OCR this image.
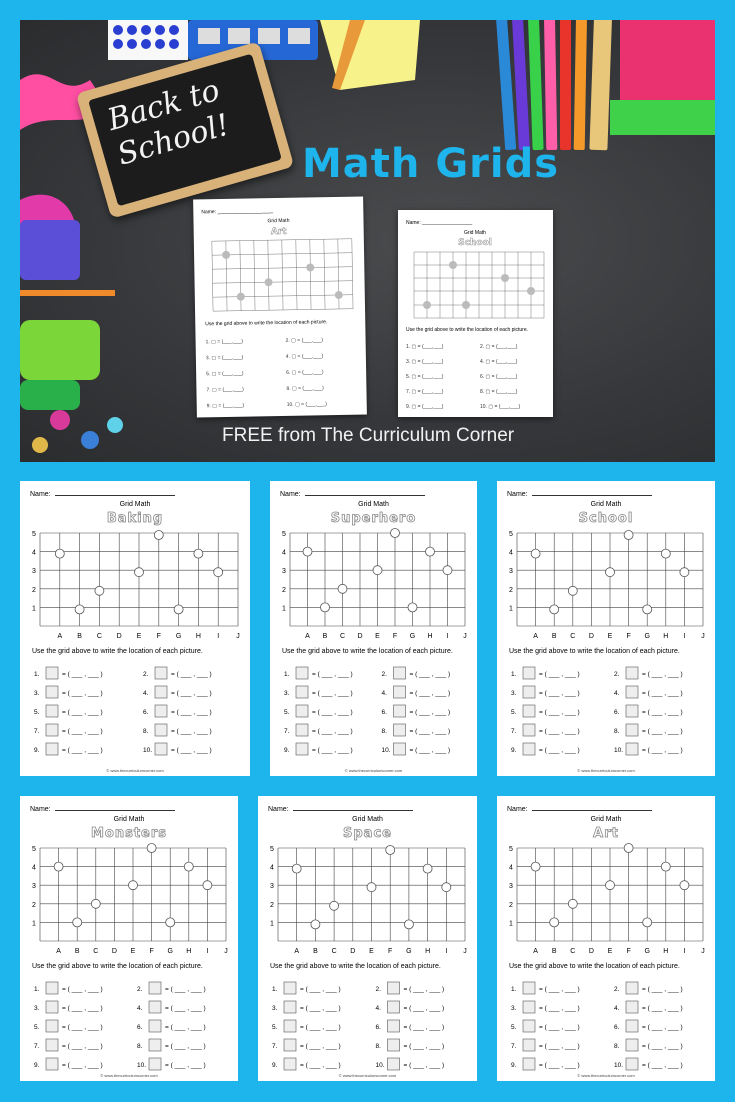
Back to School!	Math Grids
Name: ____________________
Grid Math
Art
Use the grid above to write the location of each picture.
1. ▢ = (___,___)	2. ▢ = (___,___)
3. ▢ = (___,___)	4. ▢ = (___,___)
5. ▢ = (___,___)	6. ▢ = (___,___)
7. ▢ = (___,___)	8. ▢ = (___,___)
9. ▢ = (___,___)	10. ▢ = (___,___)
Name: __________________
Grid Math
School
Use the grid above to write the location of each picture.
1. ▢ = (___,___)	2. ▢ = (___,___)
3. ▢ = (___,___)	4. ▢ = (___,___)
5. ▢ = (___,___)	6. ▢ = (___,___)
7. ▢ = (___,___)	8. ▢ = (___,___)
9. ▢ = (___,___)	10. ▢ = (___,___)
FREE from The Curriculum Corner
Name:
Grid Math
Baking
A B C D E F G H I J
1
2
3
4
5
1.	= ( ___ , ___ )	2.	= ( ___ , ___ )
3.	= ( ___ , ___ )	4.	= ( ___ , ___ )
5.	= ( ___ , ___ )	6.	= ( ___ , ___ )
7.	= ( ___ , ___ )	8.	= ( ___ , ___ )
9.	= ( ___ , ___ )	10.	= ( ___ , ___ )
Use the grid above to write the location of each picture.
© www.thecurriculumcorner.com
Name:
Grid Math
Superhero
A B C D E F G H I J
1
2
3
4
5
1.	= ( ___ , ___ )	2.	= ( ___ , ___ )
3.	= ( ___ , ___ )	4.	= ( ___ , ___ )
5.	= ( ___ , ___ )	6.	= ( ___ , ___ )
7.	= ( ___ , ___ )	8.	= ( ___ , ___ )
9.	= ( ___ , ___ )	10.	= ( ___ , ___ )
Use the grid above to write the location of each picture.
© www.thecurriculumcorner.com
Name:
Grid Math
School
A B C D E F G H I J
1
2
3
4
5
1.	= ( ___ , ___ )	2.	= ( ___ , ___ )
3.	= ( ___ , ___ )	4.	= ( ___ , ___ )
5.	= ( ___ , ___ )	6.	= ( ___ , ___ )
7.	= ( ___ , ___ )	8.	= ( ___ , ___ )
9.	= ( ___ , ___ )	10.	= ( ___ , ___ )
Use the grid above to write the location of each picture.
© www.thecurriculumcorner.com
Name:
Grid Math
Monsters
A B C D E F G H I J
1
2
3
4
5
1.	= ( ___ , ___ )	2.	= ( ___ , ___ )
3.	= ( ___ , ___ )	4.	= ( ___ , ___ )
5.	= ( ___ , ___ )	6.	= ( ___ , ___ )
7.	= ( ___ , ___ )	8.	= ( ___ , ___ )
9.	= ( ___ , ___ )	10.	= ( ___ , ___ )
Use the grid above to write the location of each picture.
© www.thecurriculumcorner.com
Name:
Grid Math
Space
A B C D E F G H I J
1
2
3
4
5
1.	= ( ___ , ___ )	2.	= ( ___ , ___ )
3.	= ( ___ , ___ )	4.	= ( ___ , ___ )
5.	= ( ___ , ___ )	6.	= ( ___ , ___ )
7.	= ( ___ , ___ )	8.	= ( ___ , ___ )
9.	= ( ___ , ___ )	10.	= ( ___ , ___ )
Use the grid above to write the location of each picture.
© www.thecurriculumcorner.com
Name:
Grid Math
Art
A B C D E F G H I J
1
2
3
4
5
1.	= ( ___ , ___ )	2.	= ( ___ , ___ )
3.	= ( ___ , ___ )	4.	= ( ___ , ___ )
5.	= ( ___ , ___ )	6.	= ( ___ , ___ )
7.	= ( ___ , ___ )	8.	= ( ___ , ___ )
9.	= ( ___ , ___ )	10.	= ( ___ , ___ )
Use the grid above to write the location of each picture.
© www.thecurriculumcorner.com
